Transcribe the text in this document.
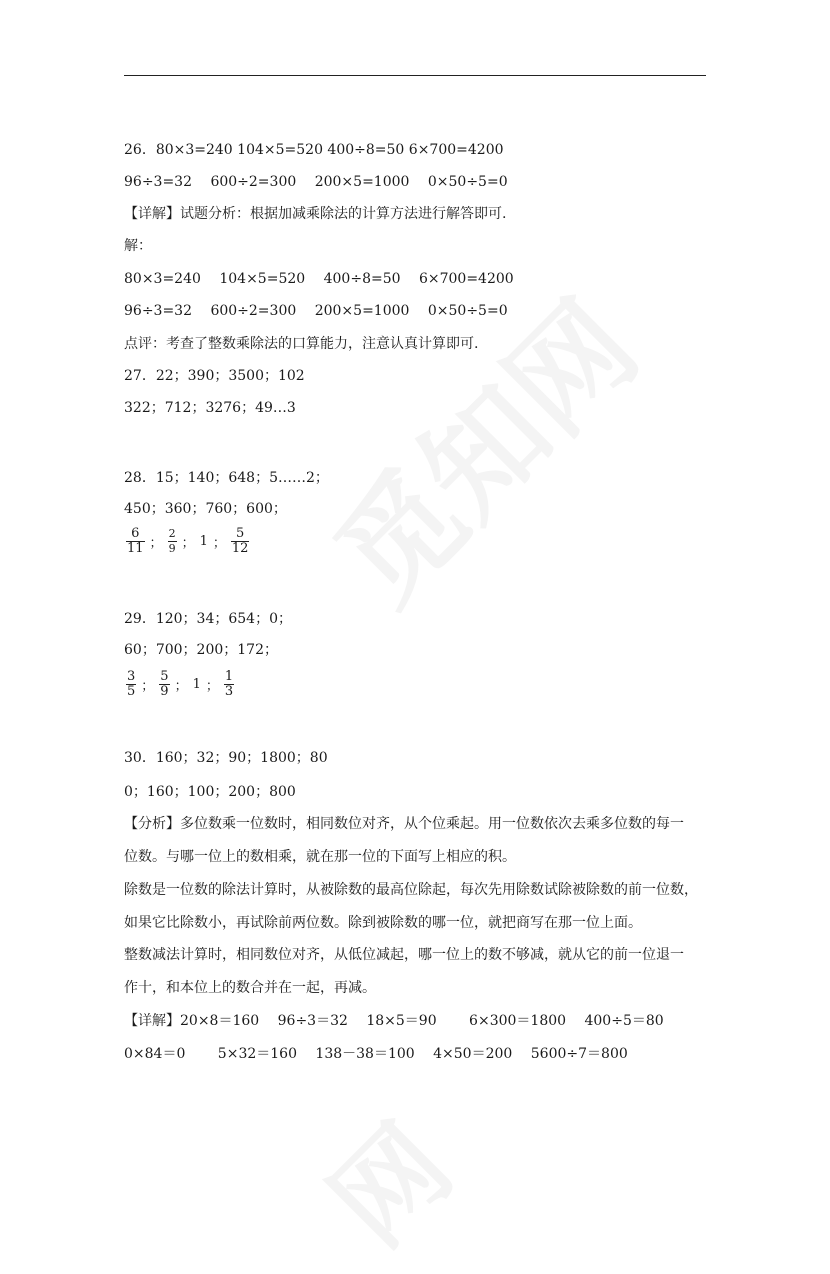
26．80×3=240 104×5=520 400÷8=50 6×700=4200
96÷3=32　 600÷2=300　 200×5=1000　 0×50÷5=0
【详解】试题分析：根据加减乘除法的计算方法进行解答即可.
解：
80×3=240　 104×5=520　 400÷8=50　 6×700=4200
96÷3=32　 600÷2=300　 200×5=1000　 0×50÷5=0
点评：考查了整数乘除法的口算能力，注意认真计算即可.
27．22；390；3500；102
322；712；3276；49…3
28．15；140；648；5……2；
450；360；760；600；
$\frac{6}{11}$ ； $\frac{2}{9}$ ； 1 ； $\frac{5}{12}$
29．120；34；654；0；
60；700；200；172；
$\frac{3}{5}$ ； $\frac{5}{9}$ ； 1 ； $\frac{1}{3}$
30．160；32；90；1800；80
0；160；100；200；800
【分析】多位数乘一位数时，相同数位对齐，从个位乘起。用一位数依次去乘多位数的每一
位数。与哪一位上的数相乘，就在那一位的下面写上相应的积。
除数是一位数的除法计算时，从被除数的最高位除起，每次先用除数试除被除数的前一位数，
如果它比除数小，再试除前两位数。除到被除数的哪一位，就把商写在那一位上面。
整数减法计算时，相同数位对齐，从低位减起，哪一位上的数不够减，就从它的前一位退一
作十，和本位上的数合并在一起，再减。
【详解】20×8＝160　 96÷3＝32　 18×5＝90　　 6×300＝1800　 400÷5＝80
0×84＝0　　 5×32＝160　 138－38＝100　 4×50＝200　 5600÷7＝800
